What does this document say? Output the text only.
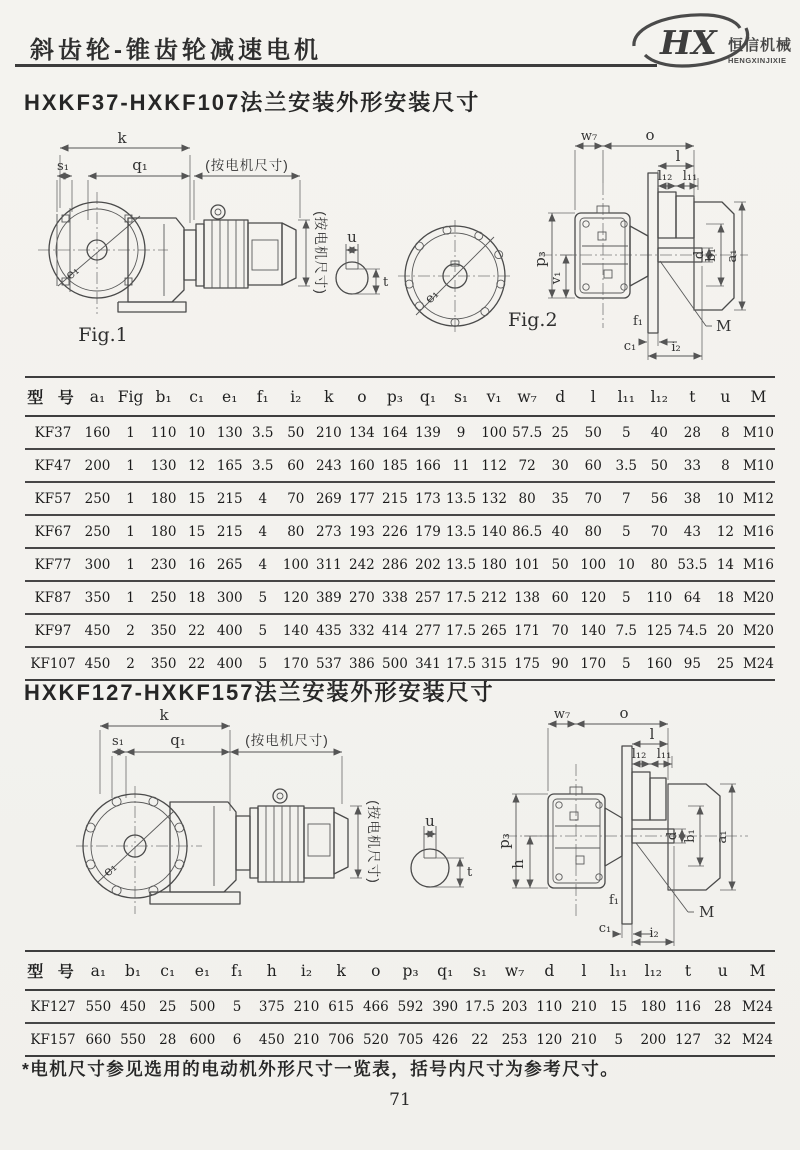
斜齿轮-锥齿轮减速电机	HX 恒信机械
HENGXINJIXIE
HXKF37-HXKF107法兰安装外形安装尺寸
k
s₁	q₁	(按电机尺寸)
e₁	(按电机尺寸)
Fig.1
u
t
e₁
Fig.2
w₇	o
l
l₁₂ l₁₁
p₃
v₁
d
b₁ a₁
f₁
c₁	i₂
M
型 号	a₁	Fig	b₁	c₁	e₁	f₁	i₂	k	o	p₃	q₁	s₁	v₁	w₇	d	l	l₁₁	l₁₂	t	u	M
KF37	160	1	110	10	130	3.5	50	210	134	164	139	9	100	57.5	25	50	5	40	28	8	M10
KF47	200	1	130	12	165	3.5	60	243	160	185	166	11	112	72	30	60	3.5	50	33	8	M10
KF57	250	1	180	15	215	4	70	269	177	215	173	13.5	132	80	35	70	7	56	38	10	M12
KF67	250	1	180	15	215	4	80	273	193	226	179	13.5	140	86.5	40	80	5	70	43	12	M16
KF77	300	1	230	16	265	4	100	311	242	286	202	13.5	180	101	50	100	10	80	53.5	14	M16
KF87	350	1	250	18	300	5	120	389	270	338	257	17.5	212	138	60	120	5	110	64	18	M20
KF97	450	2	350	22	400	5	140	435	332	414	277	17.5	265	171	70	140	7.5	125	74.5	20	M20
KF107	450	2	350	22	400	5	170	537	386	500	341	17.5	315	175	90	170	5	160	95	25	M24
HXKF127-HXKF157法兰安装外形安装尺寸
k
s₁	q₁	(按电机尺寸)
e₁	(按电机尺寸)	u
t
w₇	o
l
l₁₂ l₁₁
p₃
h
d b₁ a₁
f₁
c₁	i₂
M
型 号	a₁	b₁	c₁	e₁	f₁	h	i₂	k	o	p₃	q₁	s₁	w₇	d	l	l₁₁	l₁₂	t	u	M
KF127	550	450	25	500	5	375	210	615	466	592	390	17.5	203	110	210	15	180	116	28	M24
KF157	660	550	28	600	6	450	210	706	520	705	426	22	253	120	210	5	200	127	32	M24
*电机尺寸参见选用的电动机外形尺寸一览表，括号内尺寸为参考尺寸。
71
